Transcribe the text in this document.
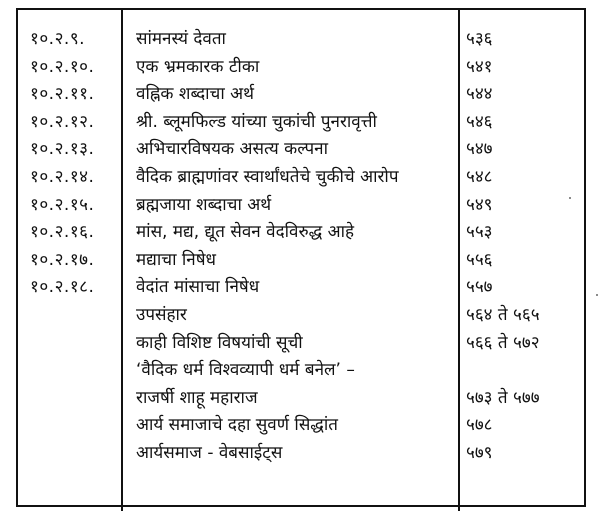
१०.२.९.	सांमनस्यं देवता	५३६
१०.२.१०.	एक भ्रमकारक टीका	५४१
१०.२.११.	वह्निक शब्दाचा अर्थ	५४४
१०.२.१२.	श्री. ब्लूमफिल्ड यांच्या चुकांची पुनरावृत्ती	५४६
१०.२.१३.	अभिचारविषयक असत्य कल्पना	५४७
१०.२.१४.	वैदिक ब्राह्मणांवर स्वार्थांधतेचे चुकीचे आरोप	५४८
१०.२.१५.	ब्रह्मजाया शब्दाचा अर्थ	५४९
१०.२.१६.	मांस, मद्य, द्यूत सेवन वेदविरुद्ध आहे	५५३
१०.२.१७.	मद्याचा निषेध	५५६
१०.२.१८.	वेदांत मांसाचा निषेध	५५७
उपसंहार	५६४ ते ५६५
काही विशिष्ट विषयांची सूची	५६६ ते ५७२
‘वैदिक धर्म विश्वव्यापी धर्म बनेल’ –
राजर्षी शाहू महाराज	५७३ ते ५७७
आर्य समाजाचे दहा सुवर्ण सिद्धांत	५७८
आर्यसमाज - वेबसाईट्स	५७९
